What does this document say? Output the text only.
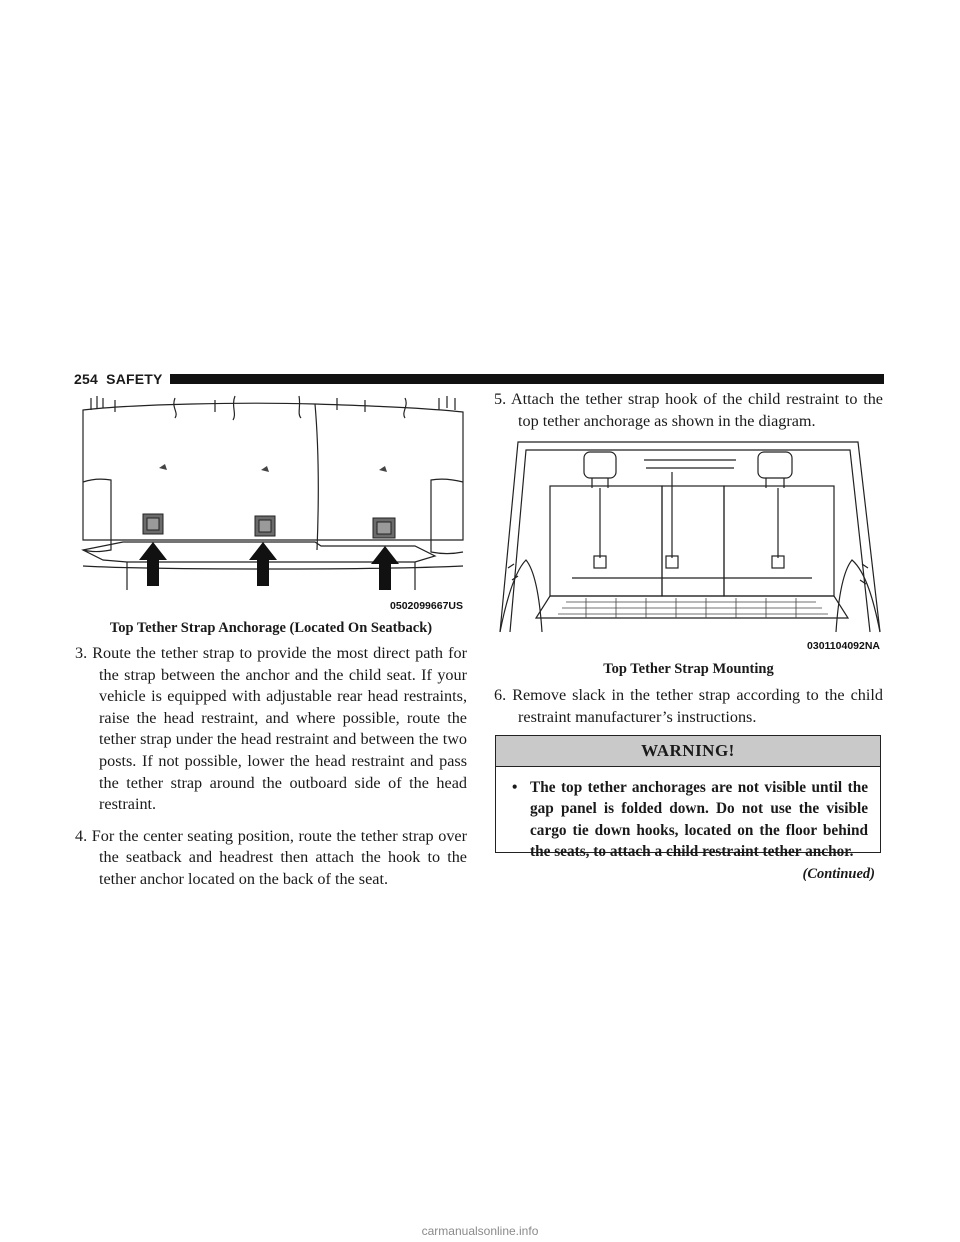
254 SAFETY
0502099667US
Top Tether Strap Anchorage (Located On Seatback)

3. Route the tether strap to provide the most direct path for the strap between the anchor and the child seat. If your vehicle is equipped with adjustable rear head restraints, raise the head restraint, and where possible, route the tether strap under the head restraint and between the two posts. If not possible, lower the head restraint and pass the tether strap around the outboard side of the head restraint.

4. For the center seating position, route the tether strap over the seatback and headrest then attach the hook to the tether anchor located on the back of the seat.

5. Attach the tether strap hook of the child restraint to the top tether anchorage as shown in the diagram.

0301104092NA
Top Tether Strap Mounting

6. Remove slack in the tether strap according to the child restraint manufacturer’s instructions.

WARNING!
• The top tether anchorages are not visible until the gap panel is folded down. Do not use the visible cargo tie down hooks, located on the floor behind the seats, to attach a child restraint tether anchor.
(Continued)
carmanualsonline.info
